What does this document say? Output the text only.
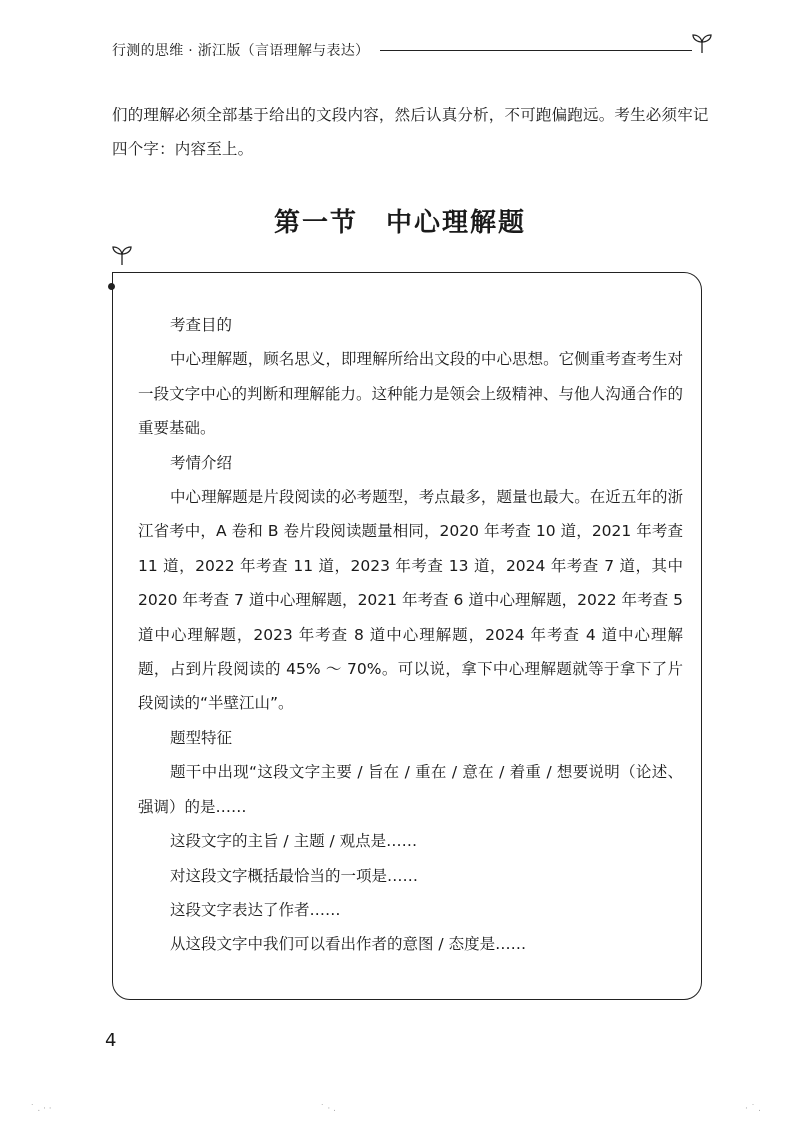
行测的思维 · 浙江版（言语理解与表达）
们的理解必须全部基于给出的文段内容，然后认真分析，不可跑偏跑远。考生必须牢记四个字：内容至上。
第一节　中心理解题

考查目的

中心理解题，顾名思义，即理解所给出文段的中心思想。它侧重考查考生对一段文字中心的判断和理解能力。这种能力是领会上级精神、与他人沟通合作的重要基础。

考情介绍

中心理解题是片段阅读的必考题型，考点最多，题量也最大。在近五年的浙江省考中，A 卷和 B 卷片段阅读题量相同，2020 年考查 10 道，2021 年考查 11 道，2022 年考查 11 道，2023 年考查 13 道，2024 年考查 7 道，其中 2020 年考查 7 道中心理解题，2021 年考查 6 道中心理解题，2022 年考查 5 道中心理解题，2023 年考查 8 道中心理解题，2024 年考查 4 道中心理解题，占到片段阅读的 45% ～ 70%。可以说，拿下中心理解题就等于拿下了片段阅读的“半壁江山”。

题型特征

题干中出现“这段文字主要 / 旨在 / 重在 / 意在 / 着重 / 想要说明（论述、强调）的是……

这段文字的主旨 / 主题 / 观点是……

对这段文字概括最恰当的一项是……

这段文字表达了作者……

从这段文字中我们可以看出作者的意图 / 态度是……

4
˙ . · ·	˙ · .	· ˙ .
